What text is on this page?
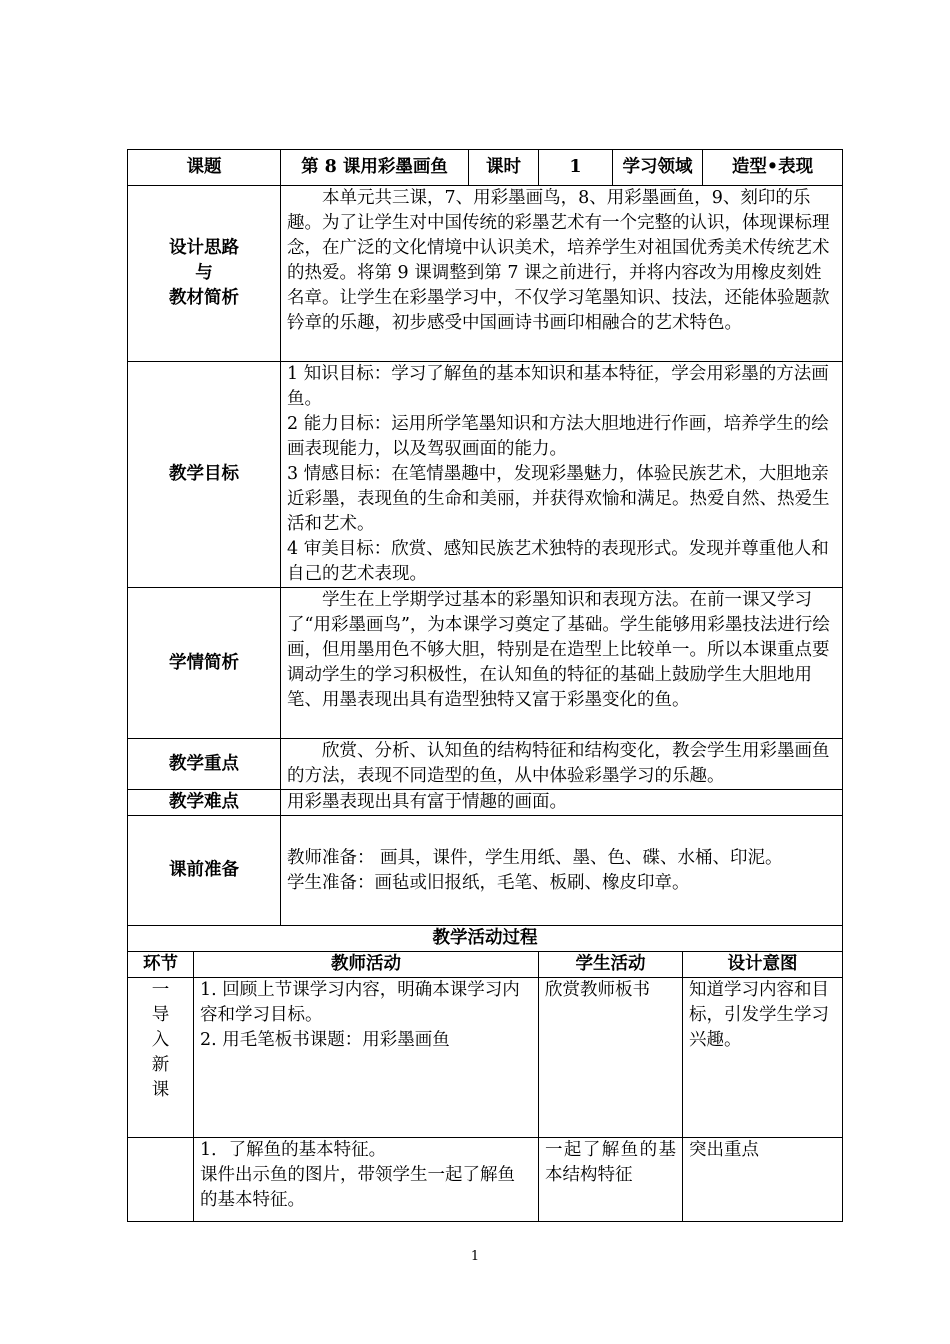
课题		第 8 课用彩墨画鱼	课时	1	学习领域		造型•表现
设计思路
与
教材简析		本单元共三课，7、用彩墨画鸟，8、用彩墨画鱼，9、刻印的乐趣。为了让学生对中国传统的彩墨艺术有一个完整的认识，体现课标理念，在广泛的文化情境中认识美术，培养学生对祖国优秀美术传统艺术的热爱。将第 9 课调整到第 7 课之前进行，并将内容改为用橡皮刻姓名章。让学生在彩墨学习中，不仅学习笔墨知识、技法，还能体验题款钤章的乐趣，初步感受中国画诗书画印相融合的艺术特色。					
教学目标		1 知识目标：学习了解鱼的基本知识和基本特征，学会用彩墨的方法画鱼。
2 能力目标：运用所学笔墨知识和方法大胆地进行作画，培养学生的绘画表现能力，以及驾驭画面的能力。
3 情感目标：在笔情墨趣中，发现彩墨魅力，体验民族艺术，大胆地亲近彩墨，表现鱼的生命和美丽，并获得欢愉和满足。热爱自然、热爱生活和艺术。
4 审美目标：欣赏、感知民族艺术独特的表现形式。发现并尊重他人和自己的艺术表现。					

学情简析		学生在上学期学过基本的彩墨知识和表现方法。在前一课又学习了“用彩墨画鸟”，为本课学习奠定了基础。学生能够用彩墨技法进行绘画，但用墨用色不够大胆，特别是在造型上比较单一。所以本课重点要调动学生的学习积极性，在认知鱼的特征的基础上鼓励学生大胆地用笔、用墨表现出具有造型独特又富于彩墨变化的鱼。					
教学重点		欣赏、分析、认知鱼的结构特征和结构变化，教会学生用彩墨画鱼的方法，表现不同造型的鱼，从中体验彩墨学习的乐趣。					
教学难点		用彩墨表现出具有富于情趣的画面。					
课前准备		教师准备： 画具，课件，学生用纸、墨、色、碟、水桶、印泥。
学生准备：画毡或旧报纸，毛笔、板刷、橡皮印章。					

教学活动过程							
环节	教师活动			学生活动		设计意图	

一
导
入
新
课	1. 回顾上节课学习内容，明确本课学习内容和学习目标。
2. 用毛笔板书课题：用彩墨画鱼			欣赏教师板书		知道学习内容和目标，引发学生学习兴趣。	
	1．了解鱼的基本特征。
课件出示鱼的图片，带领学生一起了解鱼的基本特征。			一起了解鱼的基本结构特征		突出重点	
1
